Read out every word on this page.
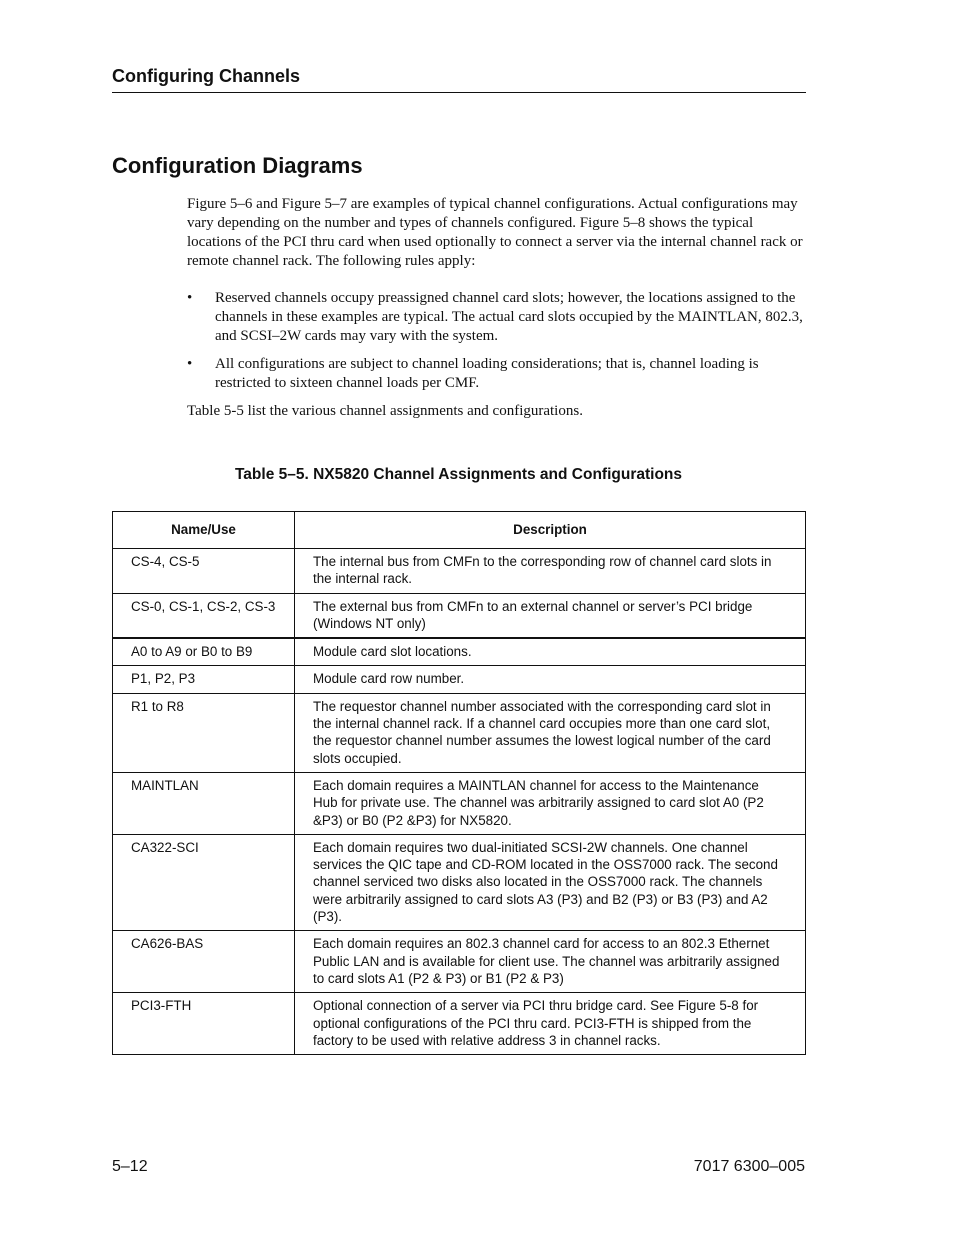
Configuring Channels
Configuration Diagrams

Figure 5–6 and Figure 5–7 are examples of typical channel configurations. Actual configurations may vary depending on the number and types of channels configured. Figure 5–8 shows the typical locations of the PCI thru card when used optionally to connect a server via the internal channel rack or remote channel rack. The following rules apply:

• Reserved channels occupy preassigned channel card slots; however, the locations assigned to the channels in these examples are typical. The actual card slots occupied by the MAINTLAN, 802.3, and SCSI–2W cards may vary with the system.
• All configurations are subject to channel loading considerations; that is, channel loading is restricted to sixteen channel loads per CMF.

Table 5-5 list the various channel assignments and configurations.

Table 5–5. NX5820 Channel Assignments and Configurations
Name/Use	Description
CS-4, CS-5	The internal bus from CMFn to the corresponding row of channel card slots in the internal rack.
CS-0, CS-1, CS-2, CS-3	The external bus from CMFn to an external channel or server’s PCI bridge (Windows NT only)
A0 to A9 or B0 to B9	Module card slot locations.
P1, P2, P3	Module card row number.
R1 to R8	The requestor channel number associated with the corresponding card slot in the internal channel rack. If a channel card occupies more than one card slot, the requestor channel number assumes the lowest logical number of the card slots occupied.
MAINTLAN	Each domain requires a MAINTLAN channel for access to the Maintenance Hub for private use. The channel was arbitrarily assigned to card slot A0 (P2 &P3) or B0 (P2 &P3) for NX5820.
CA322-SCI	Each domain requires two dual-initiated SCSI-2W channels. One channel services the QIC tape and CD-ROM located in the OSS7000 rack. The second channel serviced two disks also located in the OSS7000 rack. The channels were arbitrarily assigned to card slots A3 (P3) and B2 (P3) or B3 (P3) and A2 (P3).
CA626-BAS	Each domain requires an 802.3 channel card for access to an 802.3 Ethernet Public LAN and is available for client use. The channel was arbitrarily assigned to card slots A1 (P2 & P3) or B1 (P2 & P3)
PCI3-FTH	Optional connection of a server via PCI thru bridge card. See Figure 5-8 for optional configurations of the PCI thru card. PCI3-FTH is shipped from the factory to be used with relative address 3 in channel racks.
5–12	7017 6300–005
